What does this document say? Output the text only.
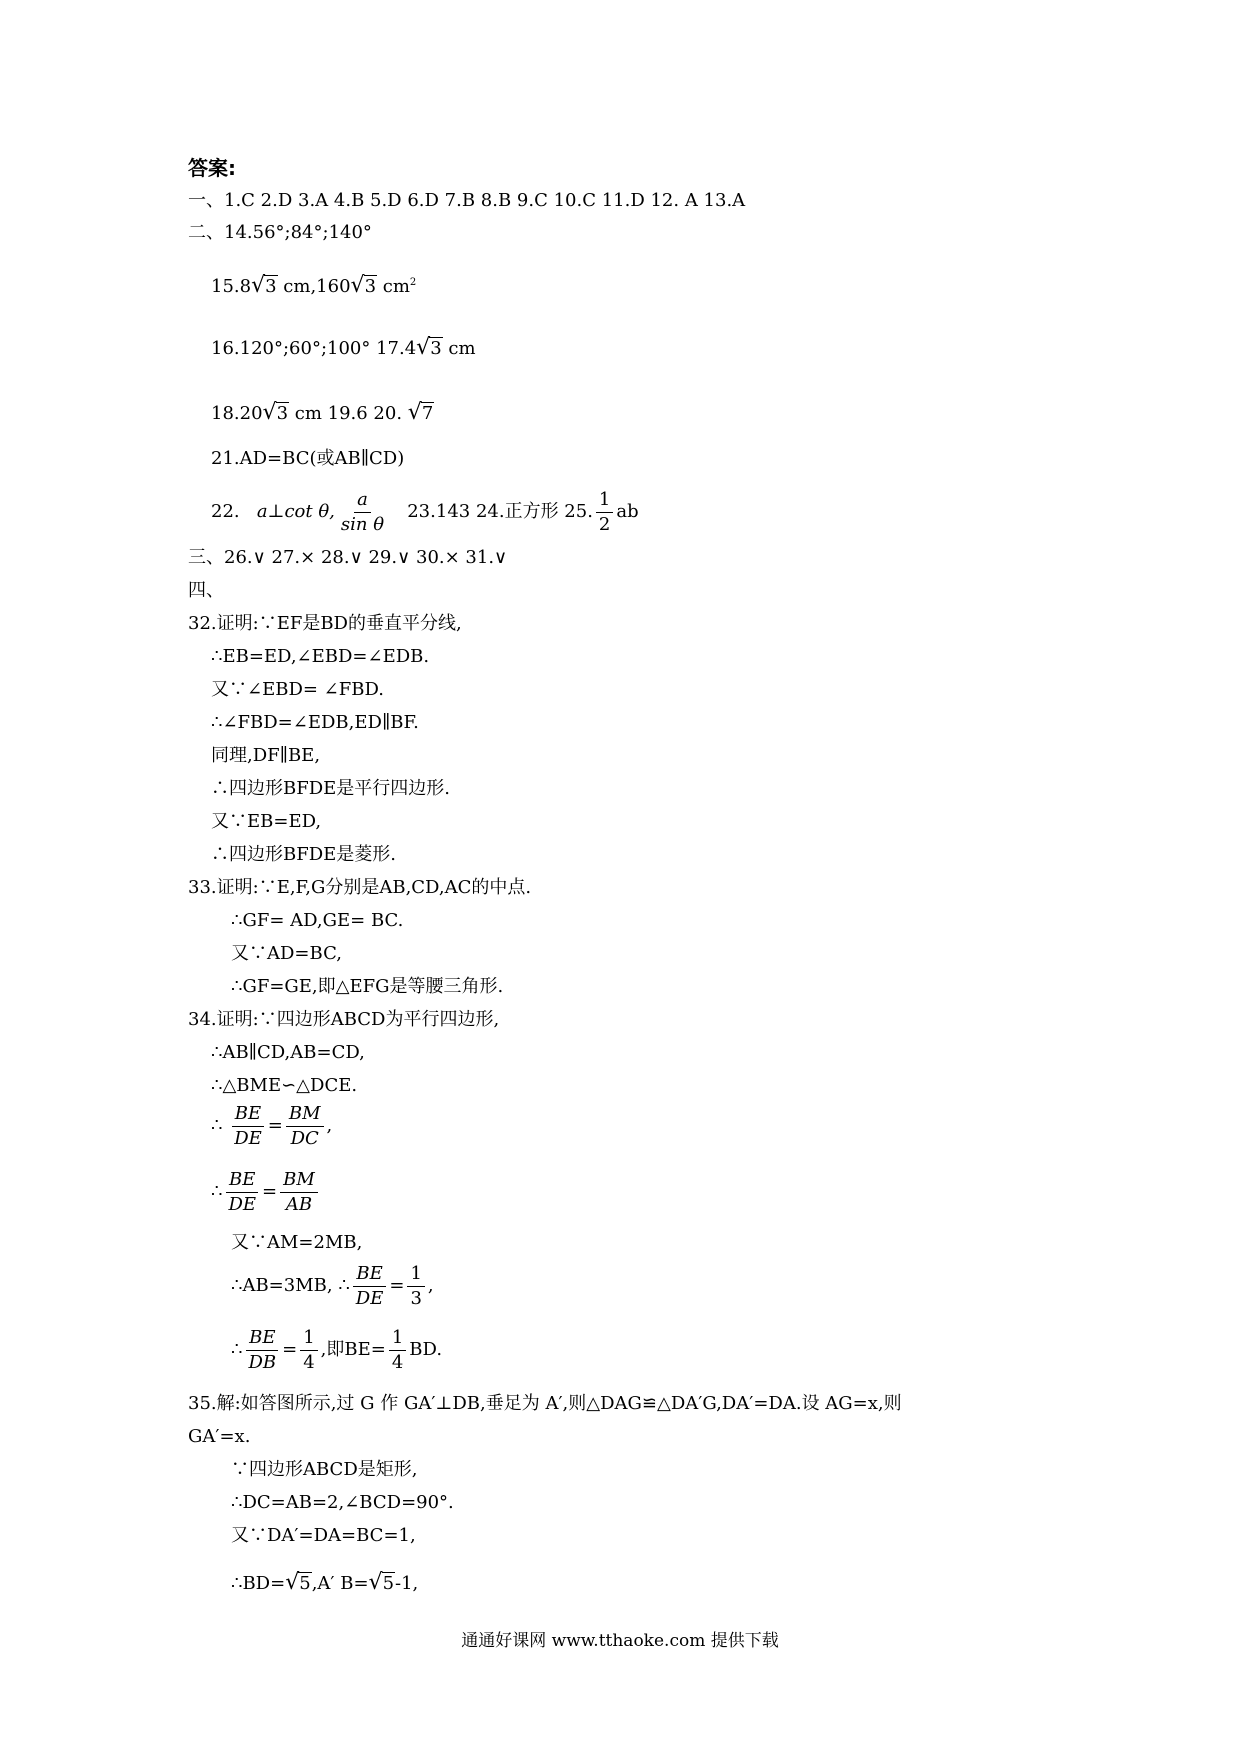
答案:
一、1.C 2.D 3.A 4.B 5.D 6.D 7.B 8.B 9.C 10.C 11.D 12. A 13.A
二、14.56°;84°;140°
15.8√3 cm,160√3 $cm^2$
16.120°;60°;100° 17.4√3 cm
18.20√3 cm 19.6 20. √7
21.AD=BC(或AB∥CD)
22.
a⊥cot θ, $\frac{a}{\text{sin θ}}$
23.143 24.正方形 25. $\frac{1}{2}$ ab
三、26.∨ 27.× 28.∨ 29.∨ 30.× 31.∨
四、
32.证明:∵EF是BD的垂直平分线,
∴EB=ED,∠EBD=∠EDB.
又∵∠EBD= ∠FBD.
∴∠FBD=∠EDB,ED∥BF.
同理,DF∥BE,
∴四边形BFDE是平行四边形.
又∵EB=ED,
∴四边形BFDE是菱形.
33.证明:∵E,F,G分别是AB,CD,AC的中点.
∴GF= AD,GE= BC.
又∵AD=BC,
∴GF=GE,即△EFG是等腰三角形.
34.证明:∵四边形ABCD为平行四边形,
∴AB∥CD,AB=CD,
∴△BME∽△DCE.
∴
$\frac{BE}{DE} = \frac{BM}{DC}$ ,
∴ $\frac{BE}{DE} = \frac{BM}{AB}$
又∵AM=2MB,
∴AB=3MB,
∴ $\frac{BE}{DE} = \frac{1}{3}$ ,
∴ $\frac{BE}{DB} = \frac{1}{4}$ ,即$BE= \frac{1}{4}$ BD.
35.解:如答图所示,过 G 作 GA′⊥DB,垂足为 A′,则△DAG≌△DA′G,DA′=DA.设 AG=x,则
GA′=x.
∵四边形ABCD是矩形,
∴DC=AB=2,∠BCD=90°.
又∵DA′=DA=BC=1,
∴BD=√5,A′ B=√5-1,
通通好课网 www.tthaoke.com 提供下载
